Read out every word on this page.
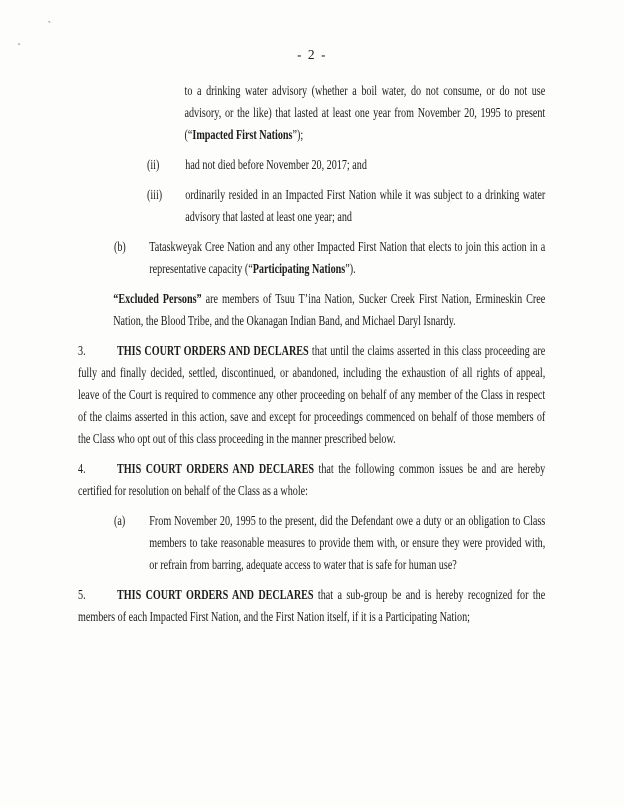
`
`	- 2 -
to a drinking water advisory (whether a boil water, do not consume, or do not use advisory, or the like) that lasted at least one year from November 20, 1995 to present (“Impacted First Nations”);
(ii)	had not died before November 20, 2017; and
(iii)	ordinarily resided in an Impacted First Nation while it was subject to a drinking water advisory that lasted at least one year; and
(b)	Tataskweyak Cree Nation and any other Impacted First Nation that elects to join this action in a representative capacity (“Participating Nations”).
“Excluded Persons” are members of Tsuu T’ina Nation, Sucker Creek First Nation, Ermineskin Cree Nation, the Blood Tribe, and the Okanagan Indian Band, and Michael Daryl Isnardy.
3. THIS COURT ORDERS AND DECLARES that until the claims asserted in this class proceeding are fully and finally decided, settled, discontinued, or abandoned, including the exhaustion of all rights of appeal, leave of the Court is required to commence any other proceeding on behalf of any member of the Class in respect of the claims asserted in this action, save and except for proceedings commenced on behalf of those members of the Class who opt out of this class proceeding in the manner prescribed below.
4. THIS COURT ORDERS AND DECLARES that the following common issues be and are hereby certified for resolution on behalf of the Class as a whole:
(a)	From November 20, 1995 to the present, did the Defendant owe a duty or an obligation to Class members to take reasonable measures to provide them with, or ensure they were provided with, or refrain from barring, adequate access to water that is safe for human use?
5. THIS COURT ORDERS AND DECLARES that a sub-group be and is hereby recognized for the members of each Impacted First Nation, and the First Nation itself, if it is a Participating Nation;
